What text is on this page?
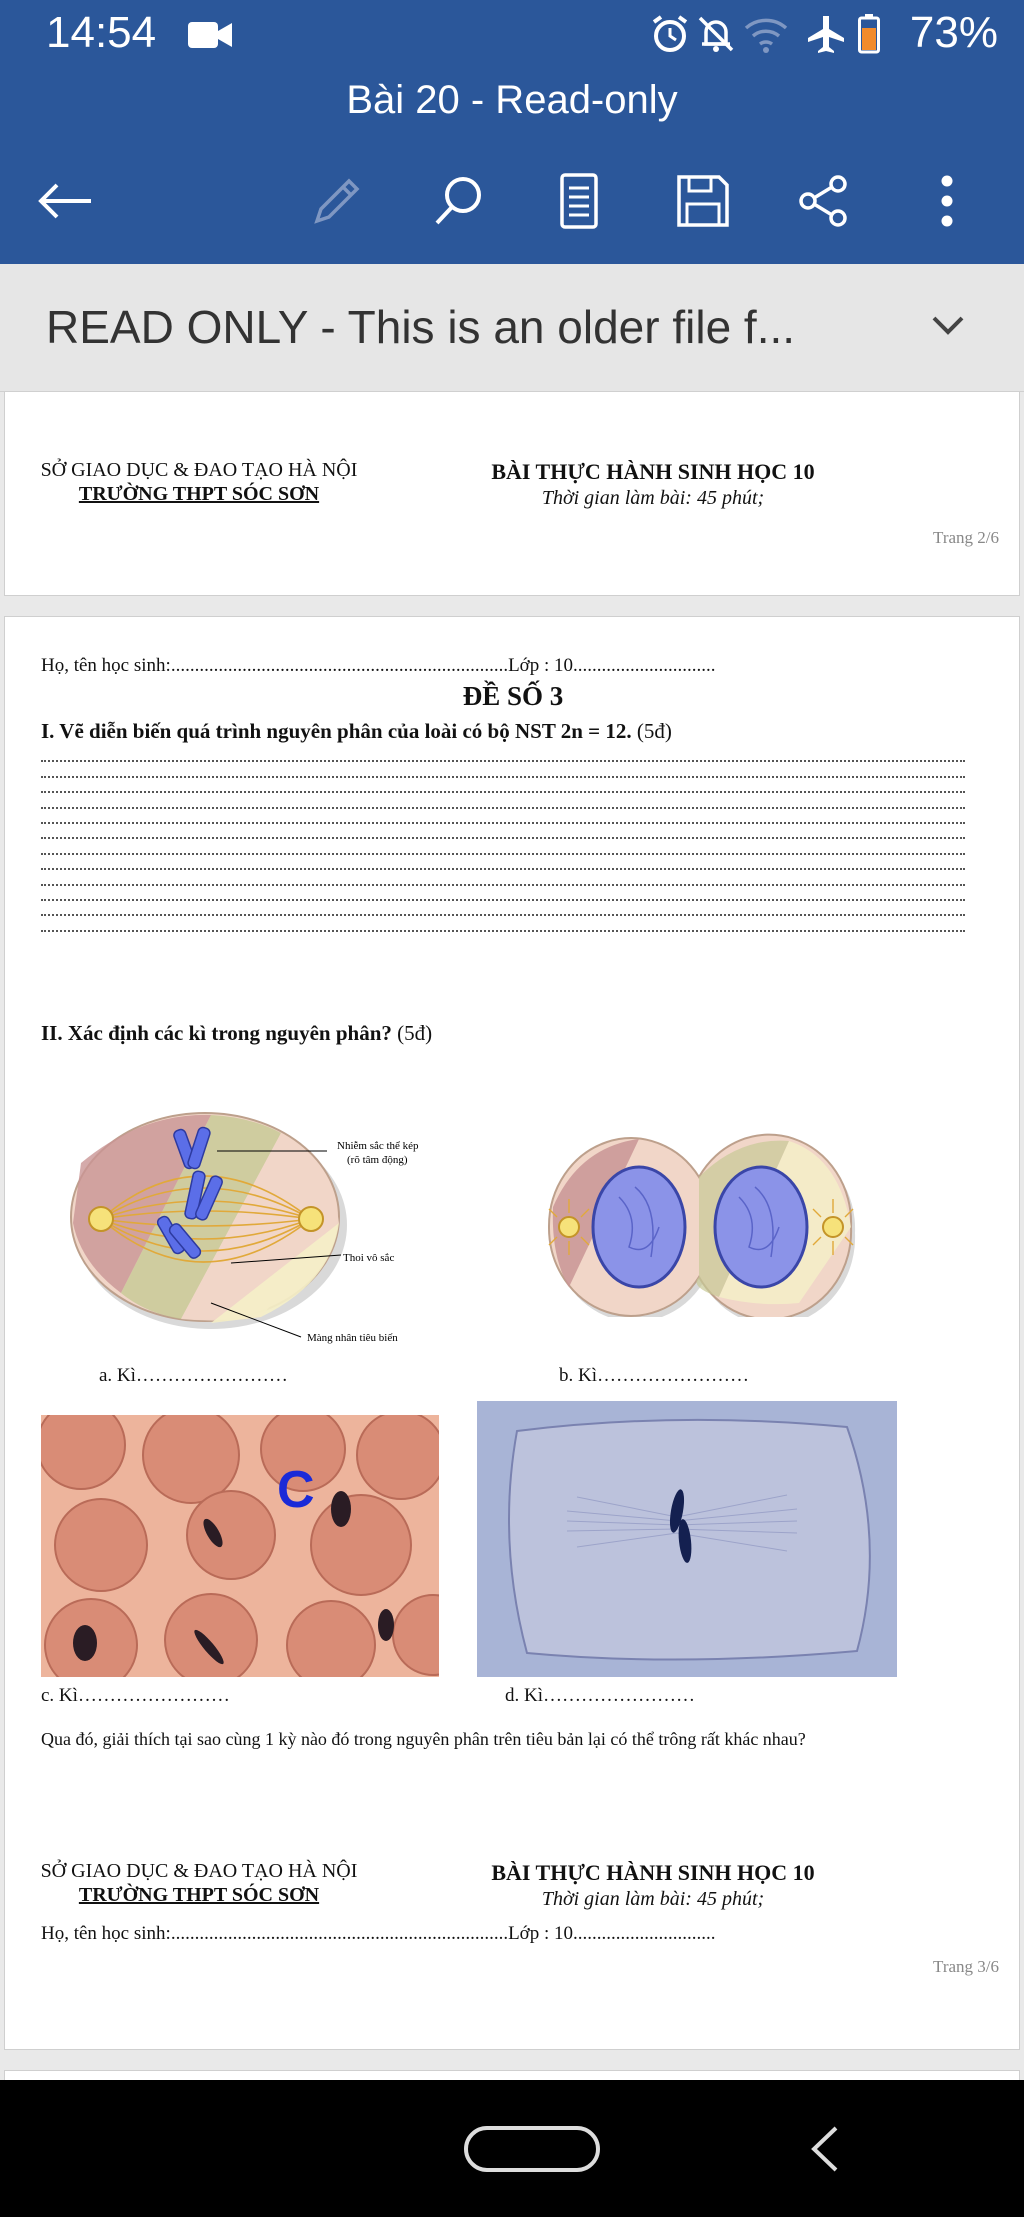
14:54	73%
Bài 20 - Read-only
READ ONLY - This is an older file f...
SỞ GIAO DỤC & ĐAO TẠO HÀ NỘI
TRƯỜNG THPT SÓC SƠN
BÀI THỰC HÀNH SINH HỌC 10
Thời gian làm bài: 45 phút;
Trang 2/6
Họ, tên học sinh:.......................................................................Lớp : 10..............................
ĐỀ SỐ 3
I. Vẽ diễn biến quá trình nguyên phân của loài có bộ NST 2n = 12. (5đ)
II. Xác định các kì trong nguyên phân? (5đ)
Nhiễm sắc thể kép
(rõ tâm động)
Thoi vô sắc
Màng nhân tiêu biến
a. Kì……………………	b. Kì……………………
C
c. Kì……………………	d. Kì……………………
Qua đó, giải thích tại sao cùng 1 kỳ nào đó trong nguyên phân trên tiêu bản lại có thể trông rất khác nhau?
SỞ GIAO DỤC & ĐAO TẠO HÀ NỘI
TRƯỜNG THPT SÓC SƠN
BÀI THỰC HÀNH SINH HỌC 10
Thời gian làm bài: 45 phút;
Họ, tên học sinh:.......................................................................Lớp : 10..............................
Trang 3/6
